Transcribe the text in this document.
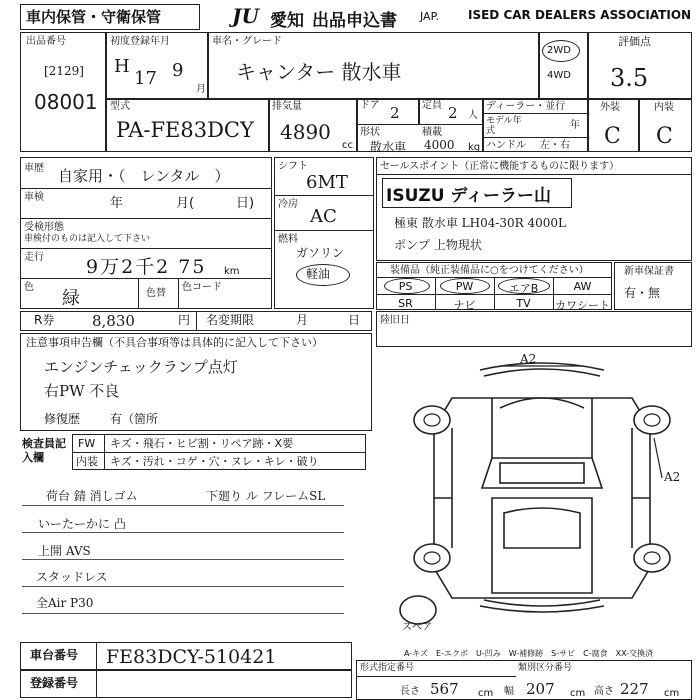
車内保管・守衛保管	JU 愛知 出品申込書 JAP. ISED CAR DEALERS ASSOCIATION
出品番号
[2129]
08001
初度登録年月
H
17 9
月
車名・グレード
キャンター 散水車
2WD
4WD
評価点
3.5
外装	内装
C C
型式
PA-FE83DCY
排気量
4890
cc
ドア 2 定員 2 人
形状
散水車
積載
4000 kg
ディーラー・並行
モデル年式	年
ハンドル 左・右
車歴 自家用・（　レンタル　）
車検	年	月(	日)
受検形態
車検付のものは記入して下さい
走行 9万2千2 75 km
色
緑	色替
色コード
シフト
6MT
冷房
AC
燃料
ガソリン
軽油
セールスポイント（正常に機能するものに限ります）
ISUZU ディーラー山
極東 散水車 LH04-30R 4000L
ポンプ 上物現状
装備品（純正装備品に○をつけてください）
PS	PW	エアB	AW
SR	ナビ	TV	カワシート
新車保証書
有・無
R券	8,830	円 名変期限	月	日 陸旧日
注意事項申告欄（不具合事項等は具体的に記入して下さい）
エンジンチェックランプ点灯
右PW 不良
修復歴 有（箇所
検査員記入欄
FW キズ・飛石・ヒビ割・リペア跡・X要
内装 キズ・汚れ・コゲ・穴・ヌレ・キレ・破り
荷台 錆 消しゴム	下廻り ル フレームSL
いーたーかに 凸
上開 AVS
スタッドレス
全Air P30
A2
A2
スペア
A-キズ　E-エクボ　U-凹み　W-補修跡　S-サビ　C-腐食　XX-交換済
車台番号 FE83DCY-510421
登録番号
形式指定番号	類別区分番号
長さ 567 cm 幅 207 cm 高さ 227 cm
